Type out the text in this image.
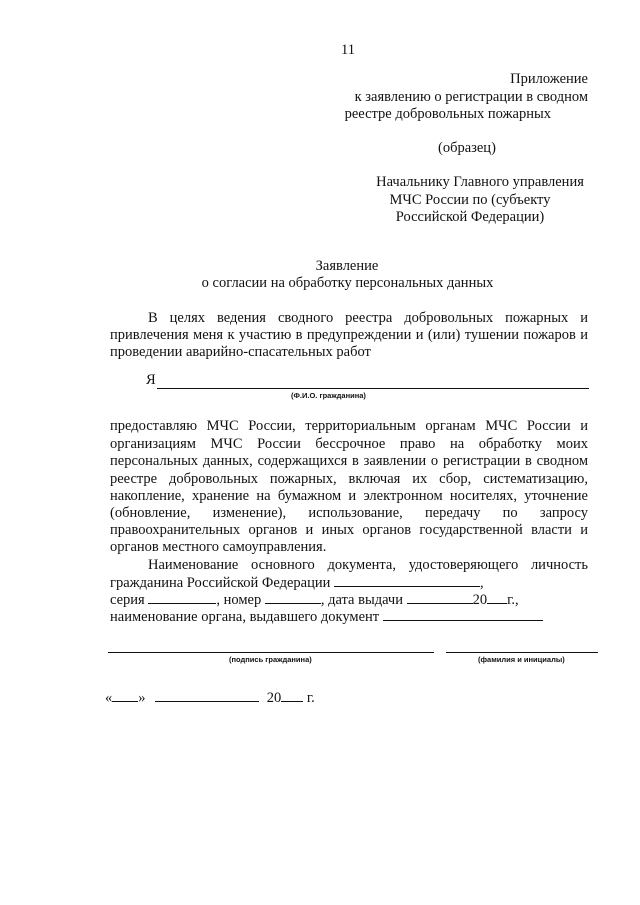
11
Приложение
к заявлению о регистрации в сводном
реестре добровольных пожарных
(образец)
Начальнику Главного управления
МЧС России по (субъекту
Российской Федерации)
Заявление
о согласии на обработку персональных данных
В целях ведения сводного реестра добровольных пожарных и
привлечения меня к участию в предупреждении и (или) тушении пожаров и
проведении аварийно-спасательных работ
Я
(Ф.И.О. гражданина)
предоставляю МЧС России, территориальным органам МЧС России и
организациям МЧС России бессрочное право на обработку моих
персональных данных, содержащихся в заявлении о регистрации в сводном
реестре добровольных пожарных, включая их сбор, систематизацию,
накопление, хранение на бумажном и электронном носителях, уточнение
(обновление, изменение), использование, передачу по запросу
правоохранительных органов и иных органов государственной власти и
органов местного самоуправления.
Наименование основного документа, удостоверяющего личность
гражданина Российской Федерации	,
серия	, номер	, дата выдачи	20 г.,
наименование органа, выдавшего документ
(подпись гражданина)	(фамилия и инициалы)
« »	20 г.
